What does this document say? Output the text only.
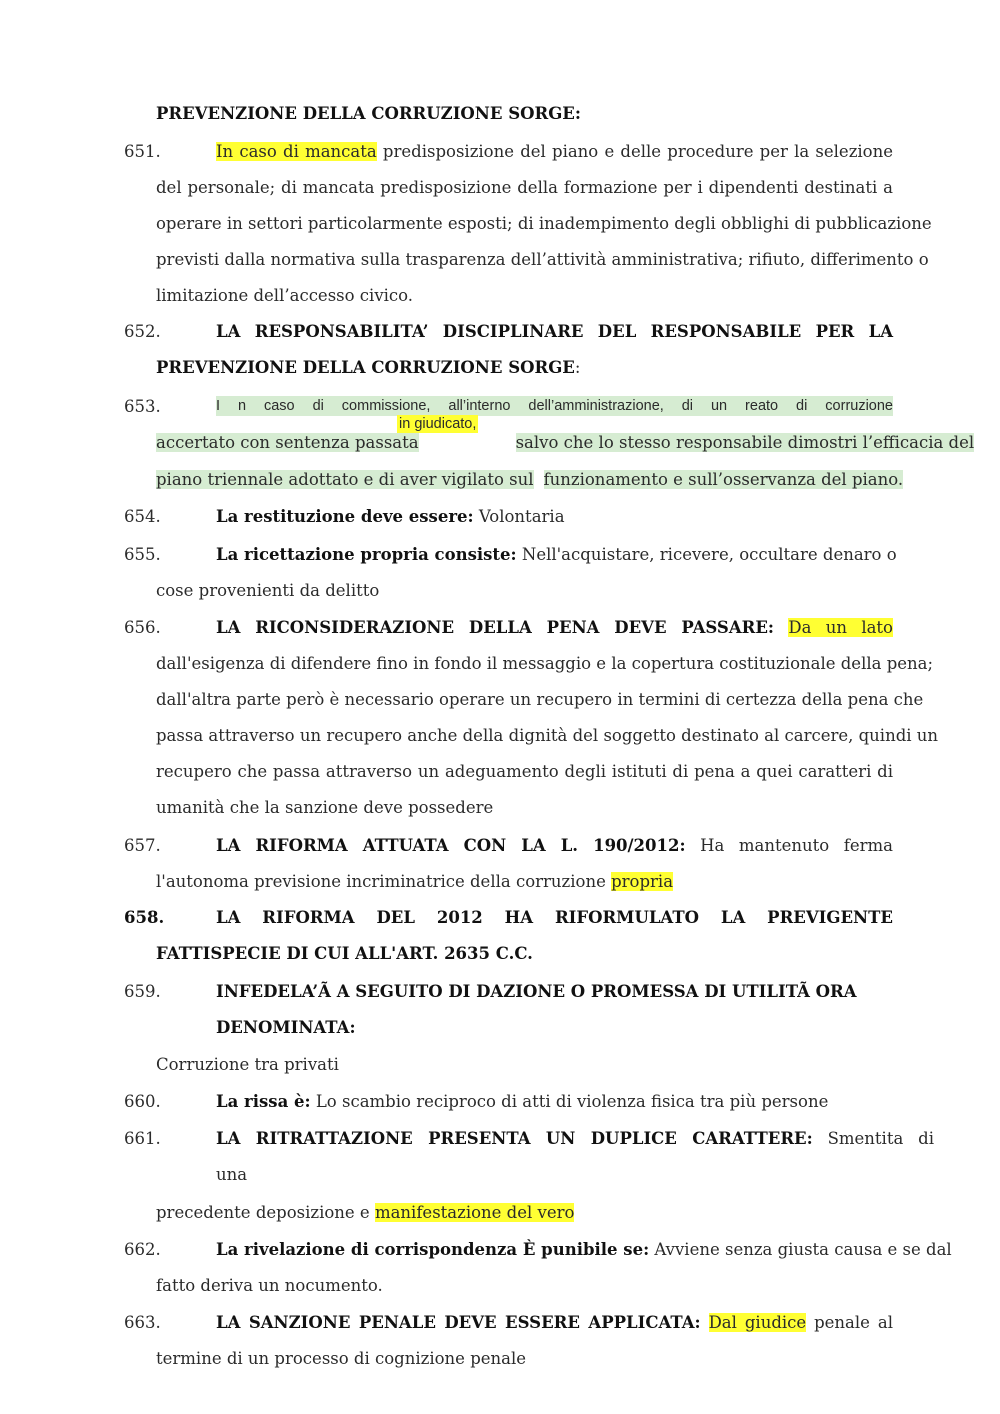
PREVENZIONE DELLA CORRUZIONE SORGE:
651.	In caso di mancata predisposizione del piano e delle procedure per la selezione
del personale; di mancata predisposizione della formazione per i dipendenti destinati a
operare in settori particolarmente esposti; di inadempimento degli obblighi di pubblicazione
previsti dalla normativa sulla trasparenza dell’attività amministrativa; rifiuto, differimento o
limitazione dell’accesso civico.
652.	LA RESPONSABILITA’ DISCIPLINARE DEL RESPONSABILE PER LA
PREVENZIONE DELLA CORRUZIONE SORGE:
653.	I n caso di commissione, all’interno dell’amministrazione, di un reato di corruzione
in giudicato,
accertato con sentenza passata	salvo che lo stesso responsabile dimostri l’efficacia del
piano triennale adottato e di aver vigilato sul funzionamento e sull’osservanza del piano.
654.	La restituzione deve essere: Volontaria
655.	La ricettazione propria consiste: Nell'acquistare, ricevere, occultare denaro o
cose provenienti da delitto
656.	LA RICONSIDERAZIONE DELLA PENA DEVE PASSARE: Da un lato
dall'esigenza di difendere fino in fondo il messaggio e la copertura costituzionale della pena;
dall'altra parte però è necessario operare un recupero in termini di certezza della pena che
passa attraverso un recupero anche della dignità del soggetto destinato al carcere, quindi un
recupero che passa attraverso un adeguamento degli istituti di pena a quei caratteri di
umanità che la sanzione deve possedere
657.	LA RIFORMA ATTUATA CON LA L. 190/2012: Ha mantenuto ferma
l'autonoma previsione incriminatrice della corruzione propria
658.	LA RIFORMA DEL 2012 HA RIFORMULATO LA PREVIGENTE
FATTISPECIE DI CUI ALL'ART. 2635 C.C.
659.	INFEDELA’Ã A SEGUITO DI DAZIONE O PROMESSA DI UTILITÃ ORA
DENOMINATA:
Corruzione tra privati
660.	La rissa è: Lo scambio reciproco di atti di violenza fisica tra più persone
661.	LA RITRATTAZIONE PRESENTA UN DUPLICE CARATTERE: Smentita di
una
precedente deposizione e manifestazione del vero
662.	La rivelazione di corrispondenza È punibile se: Avviene senza giusta causa e se dal
fatto deriva un nocumento.
663.	LA SANZIONE PENALE DEVE ESSERE APPLICATA: Dal giudice penale al
termine di un processo di cognizione penale
